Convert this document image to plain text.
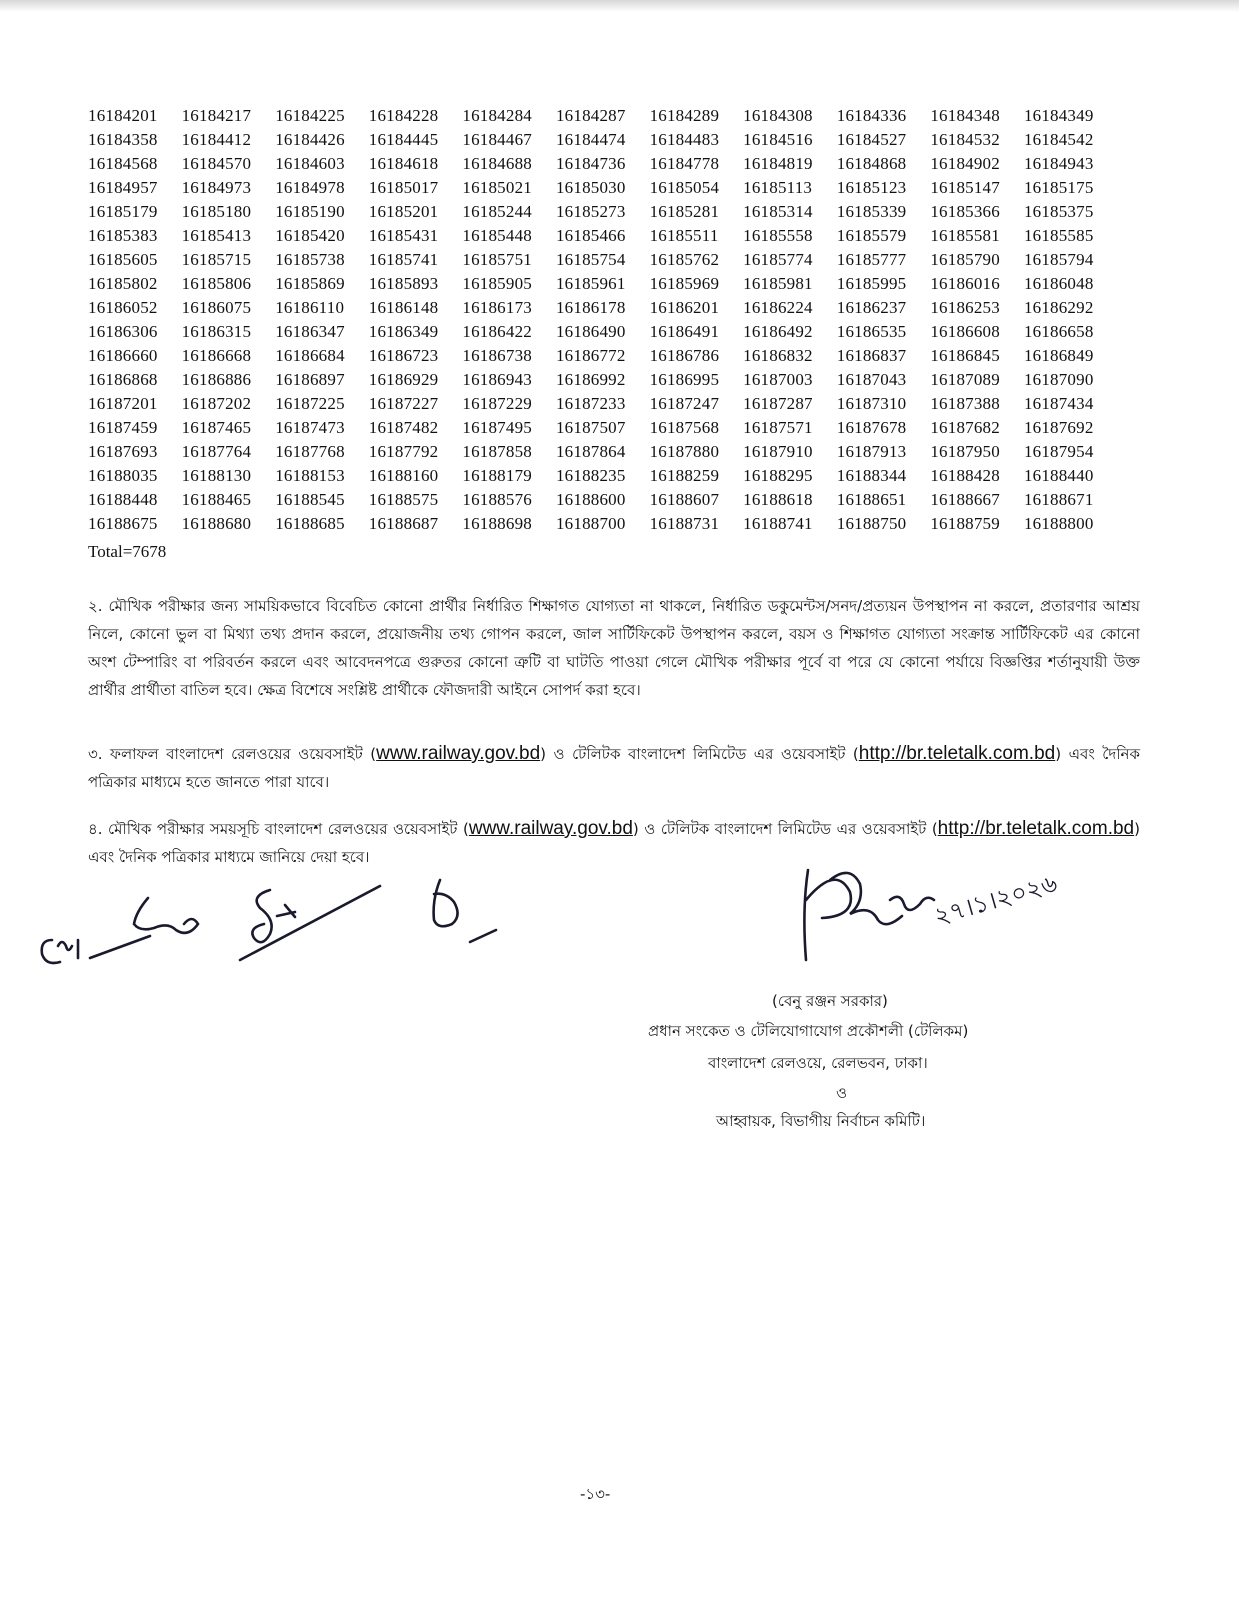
16184201	16184217	16184225	16184228	16184284	16184287	16184289	16184308	16184336	16184348	16184349
16184358	16184412	16184426	16184445	16184467	16184474	16184483	16184516	16184527	16184532	16184542
16184568	16184570	16184603	16184618	16184688	16184736	16184778	16184819	16184868	16184902	16184943
16184957	16184973	16184978	16185017	16185021	16185030	16185054	16185113	16185123	16185147	16185175
16185179	16185180	16185190	16185201	16185244	16185273	16185281	16185314	16185339	16185366	16185375
16185383	16185413	16185420	16185431	16185448	16185466	16185511	16185558	16185579	16185581	16185585
16185605	16185715	16185738	16185741	16185751	16185754	16185762	16185774	16185777	16185790	16185794
16185802	16185806	16185869	16185893	16185905	16185961	16185969	16185981	16185995	16186016	16186048
16186052	16186075	16186110	16186148	16186173	16186178	16186201	16186224	16186237	16186253	16186292
16186306	16186315	16186347	16186349	16186422	16186490	16186491	16186492	16186535	16186608	16186658
16186660	16186668	16186684	16186723	16186738	16186772	16186786	16186832	16186837	16186845	16186849
16186868	16186886	16186897	16186929	16186943	16186992	16186995	16187003	16187043	16187089	16187090
16187201	16187202	16187225	16187227	16187229	16187233	16187247	16187287	16187310	16187388	16187434
16187459	16187465	16187473	16187482	16187495	16187507	16187568	16187571	16187678	16187682	16187692
16187693	16187764	16187768	16187792	16187858	16187864	16187880	16187910	16187913	16187950	16187954
16188035	16188130	16188153	16188160	16188179	16188235	16188259	16188295	16188344	16188428	16188440
16188448	16188465	16188545	16188575	16188576	16188600	16188607	16188618	16188651	16188667	16188671
16188675	16188680	16188685	16188687	16188698	16188700	16188731	16188741	16188750	16188759	16188800
Total=7678
২. মৌখিক পরীক্ষার জন্য সাময়িকভাবে বিবেচিত কোনো প্রার্থীর নির্ধারিত শিক্ষাগত যোগ্যতা না থাকলে, নির্ধারিত ডকুমেন্টস/সনদ/প্রত্যয়ন উপস্থাপন না করলে, প্রতারণার আশ্রয় নিলে, কোনো ভুল বা মিথ্যা তথ্য প্রদান করলে, প্রয়োজনীয় তথ্য গোপন করলে, জাল সার্টিফিকেট উপস্থাপন করলে, বয়স ও শিক্ষাগত যোগ্যতা সংক্রান্ত সার্টিফিকেট এর কোনো অংশ টেম্পারিং বা পরিবর্তন করলে এবং আবেদনপত্রে গুরুতর কোনো ত্রুটি বা ঘাটতি পাওয়া গেলে মৌখিক পরীক্ষার পূর্বে বা পরে যে কোনো পর্যায়ে বিজ্ঞপ্তির শর্তানুযায়ী উক্ত প্রার্থীর প্রার্থীতা বাতিল হবে। ক্ষেত্র বিশেষে সংশ্লিষ্ট প্রার্থীকে ফৌজদারী আইনে সোপর্দ করা হবে।
৩. ফলাফল বাংলাদেশ রেলওয়ের ওয়েবসাইট (www.railway.gov.bd) ও টেলিটক বাংলাদেশ লিমিটেড এর ওয়েবসাইট (http://br.teletalk.com.bd) এবং দৈনিক পত্রিকার মাধ্যমে হতে জানতে পারা যাবে।
৪. মৌখিক পরীক্ষার সময়সূচি বাংলাদেশ রেলওয়ের ওয়েবসাইট (www.railway.gov.bd) ও টেলিটক বাংলাদেশ লিমিটেড এর ওয়েবসাইট (http://br.teletalk.com.bd) এবং দৈনিক পত্রিকার মাধ্যমে জানিয়ে দেয়া হবে।
২৭।১।২০২৬
(বেনু রঞ্জন সরকার)
প্রধান সংকেত ও টেলিযোগাযোগ প্রকৌশলী (টেলিকম)
বাংলাদেশ রেলওয়ে, রেলভবন, ঢাকা।
ও
আহ্বায়ক, বিভাগীয় নির্বাচন কমিটি।
-১৩-
